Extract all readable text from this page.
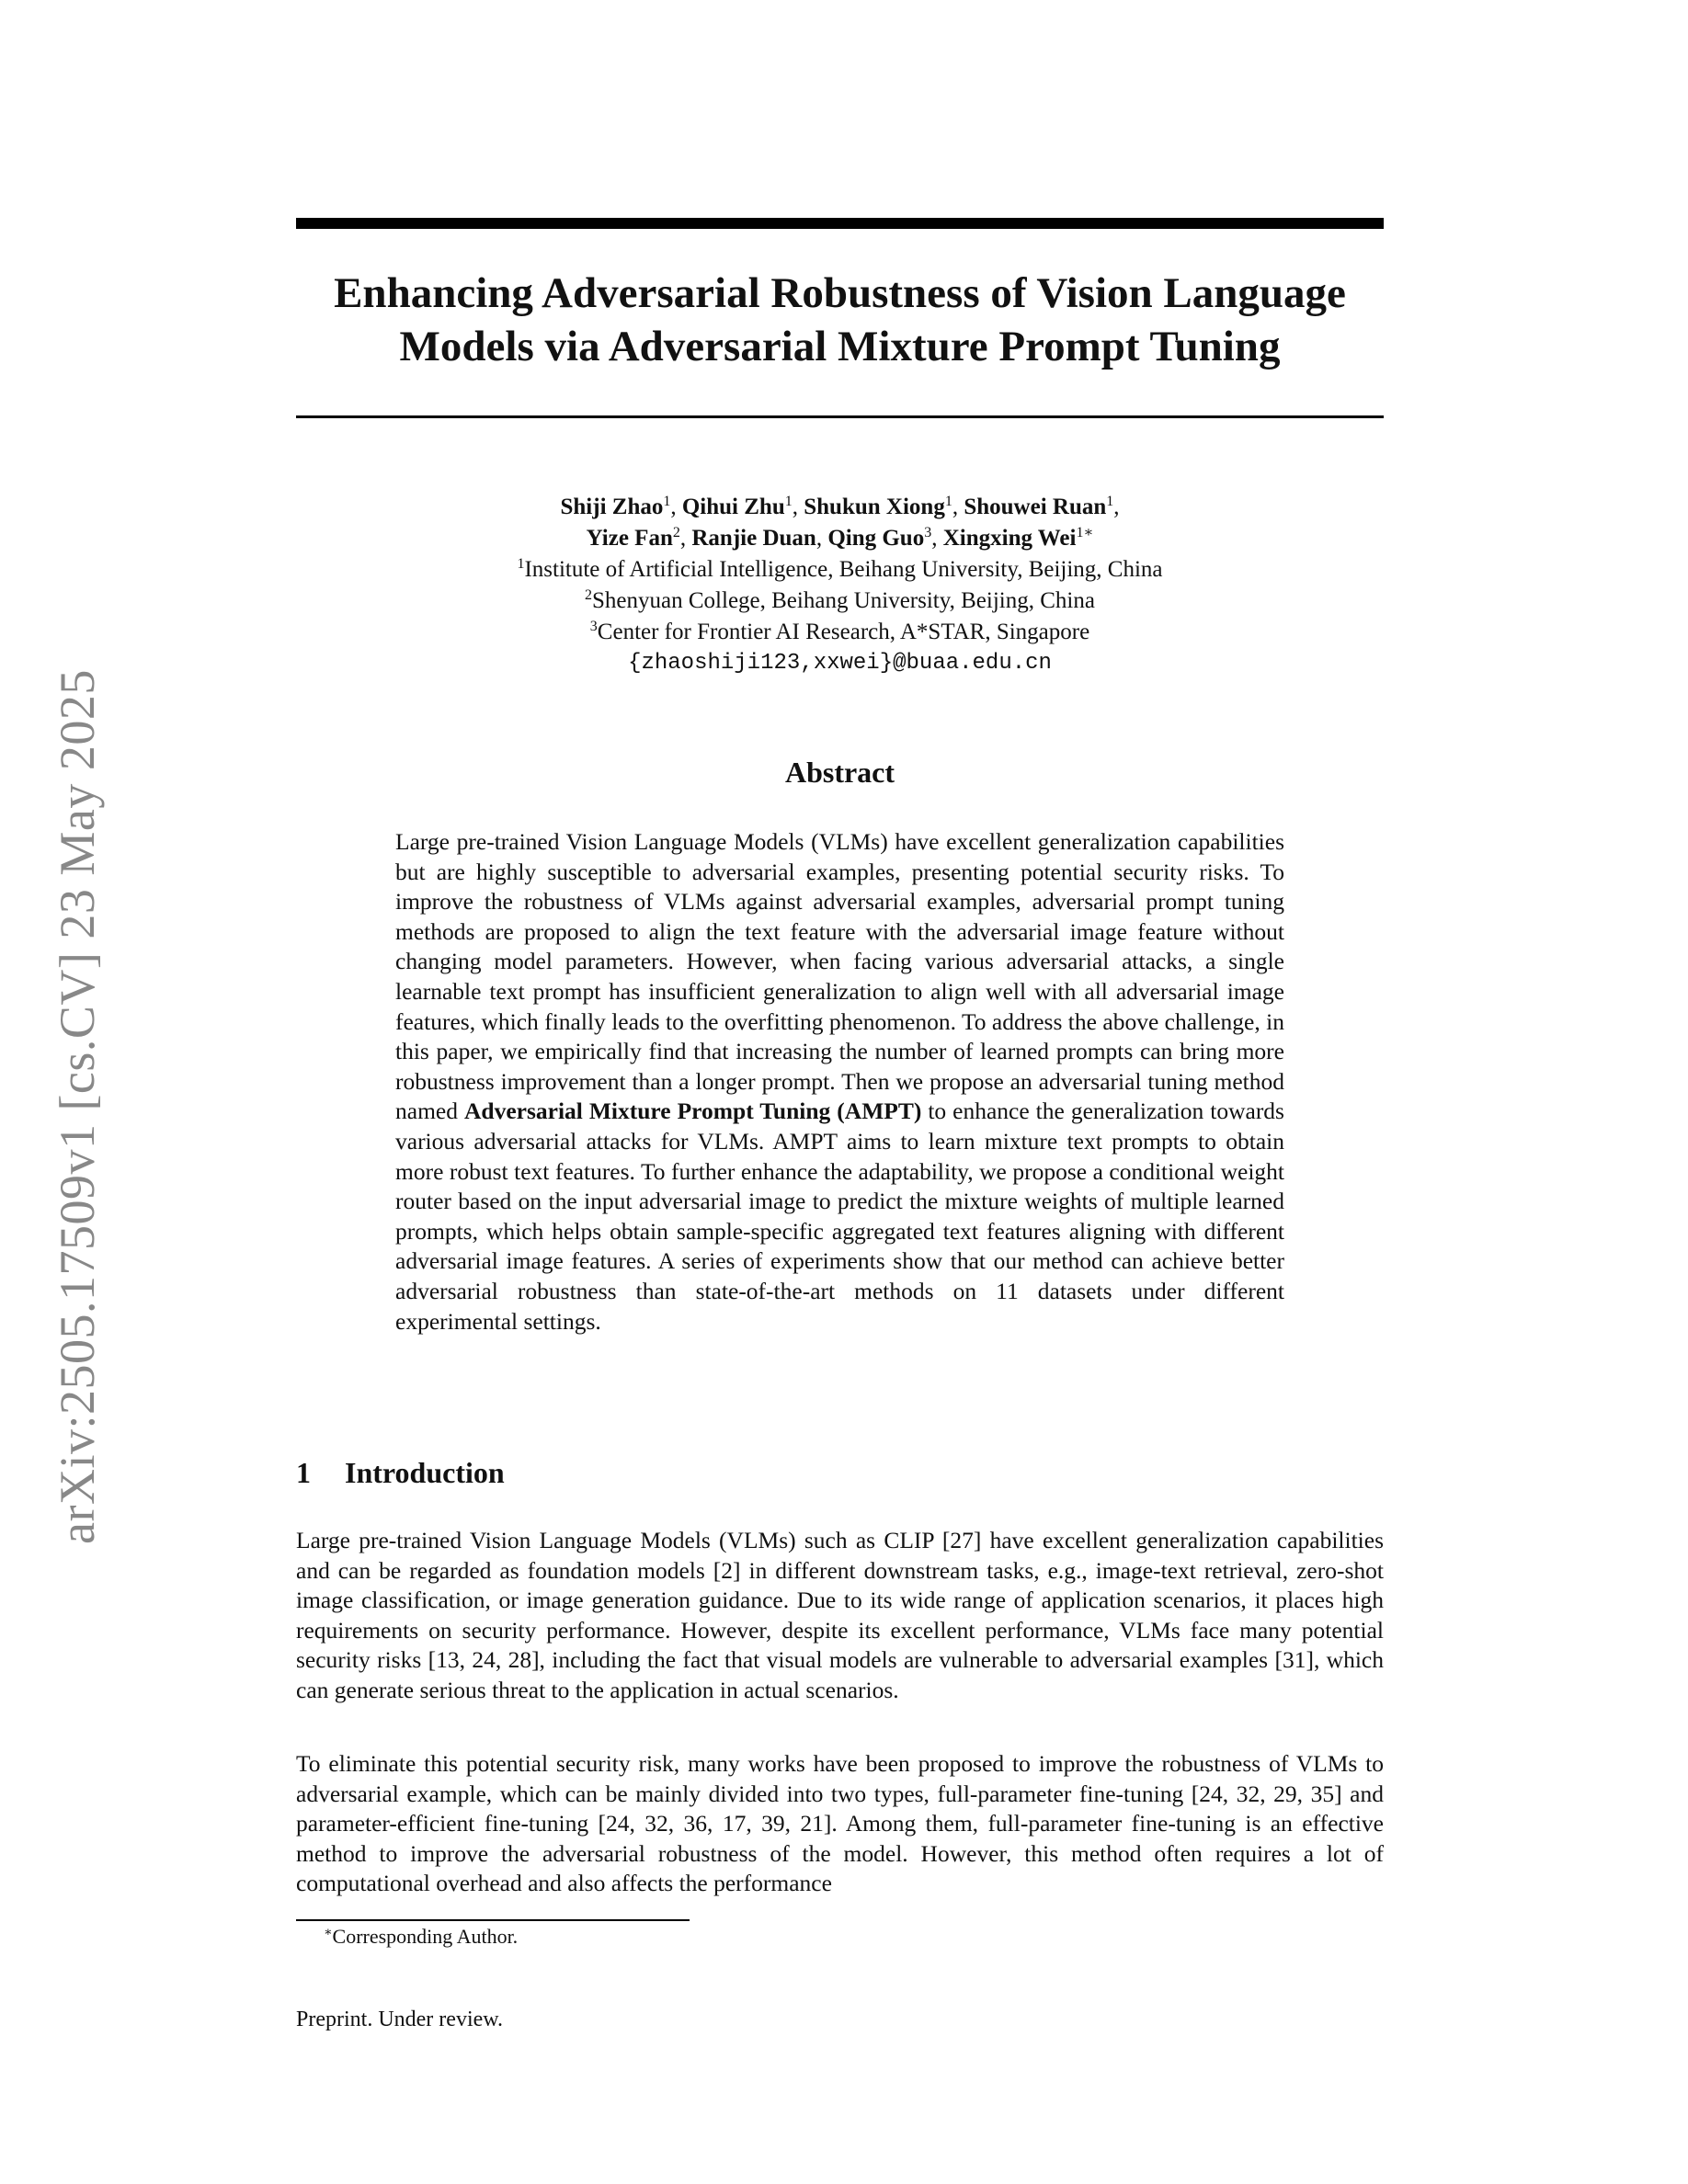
arXiv:2505.17509v1 [cs.CV] 23 May 2025
Enhancing Adversarial Robustness of Vision Language
Models via Adversarial Mixture Prompt Tuning
Shiji Zhao$^1$, Qihui Zhu$^1$, Shukun Xiong$^1$, Shouwei Ruan$^1$,
Yize Fan$^2$, Ranjie Duan, Qing Guo$^3$, Xingxing Wei$^{1∗}$
$^1$Institute of Artificial Intelligence, Beihang University, Beijing, China
$^2$Shenyuan College, Beihang University, Beijing, China
$^3$Center for Frontier AI Research, A*STAR, Singapore
{zhaoshiji123,xxwei}@buaa.edu.cn
Abstract
Large pre-trained Vision Language Models (VLMs) have excellent generalization capabilities but are highly susceptible to adversarial examples, presenting potential security risks. To improve the robustness of VLMs against adversarial examples, adversarial prompt tuning methods are proposed to align the text feature with the adversarial image feature without changing model parameters. However, when facing various adversarial attacks, a single learnable text prompt has insufficient generalization to align well with all adversarial image features, which finally leads to the overfitting phenomenon. To address the above challenge, in this paper, we empirically find that increasing the number of learned prompts can bring more robustness improvement than a longer prompt. Then we propose an adversarial tuning method named Adversarial Mixture Prompt Tuning (AMPT) to enhance the generalization towards various adversarial attacks for VLMs. AMPT aims to learn mixture text prompts to obtain more robust text features. To further enhance the adaptability, we propose a conditional weight router based on the input adversarial image to predict the mixture weights of multiple learned prompts, which helps obtain sample-specific aggregated text features aligning with different adversarial image features. A series of experiments show that our method can achieve better adversarial robustness than state-of-the-art methods on 11 datasets under different experimental settings.
1 Introduction
Large pre-trained Vision Language Models (VLMs) such as CLIP [27] have excellent generalization capabilities and can be regarded as foundation models [2] in different downstream tasks, e.g., image-text retrieval, zero-shot image classification, or image generation guidance. Due to its wide range of application scenarios, it places high requirements on security performance. However, despite its excellent performance, VLMs face many potential security risks [13, 24, 28], including the fact that visual models are vulnerable to adversarial examples [31], which can generate serious threat to the application in actual scenarios.
To eliminate this potential security risk, many works have been proposed to improve the robustness of VLMs to adversarial example, which can be mainly divided into two types, full-parameter fine-tuning [24, 32, 29, 35] and parameter-efficient fine-tuning [24, 32, 36, 17, 39, 21]. Among them, full-parameter fine-tuning is an effective method to improve the adversarial robustness of the model. However, this method often requires a lot of computational overhead and also affects the performance
∗Corresponding Author.
Preprint. Under review.
